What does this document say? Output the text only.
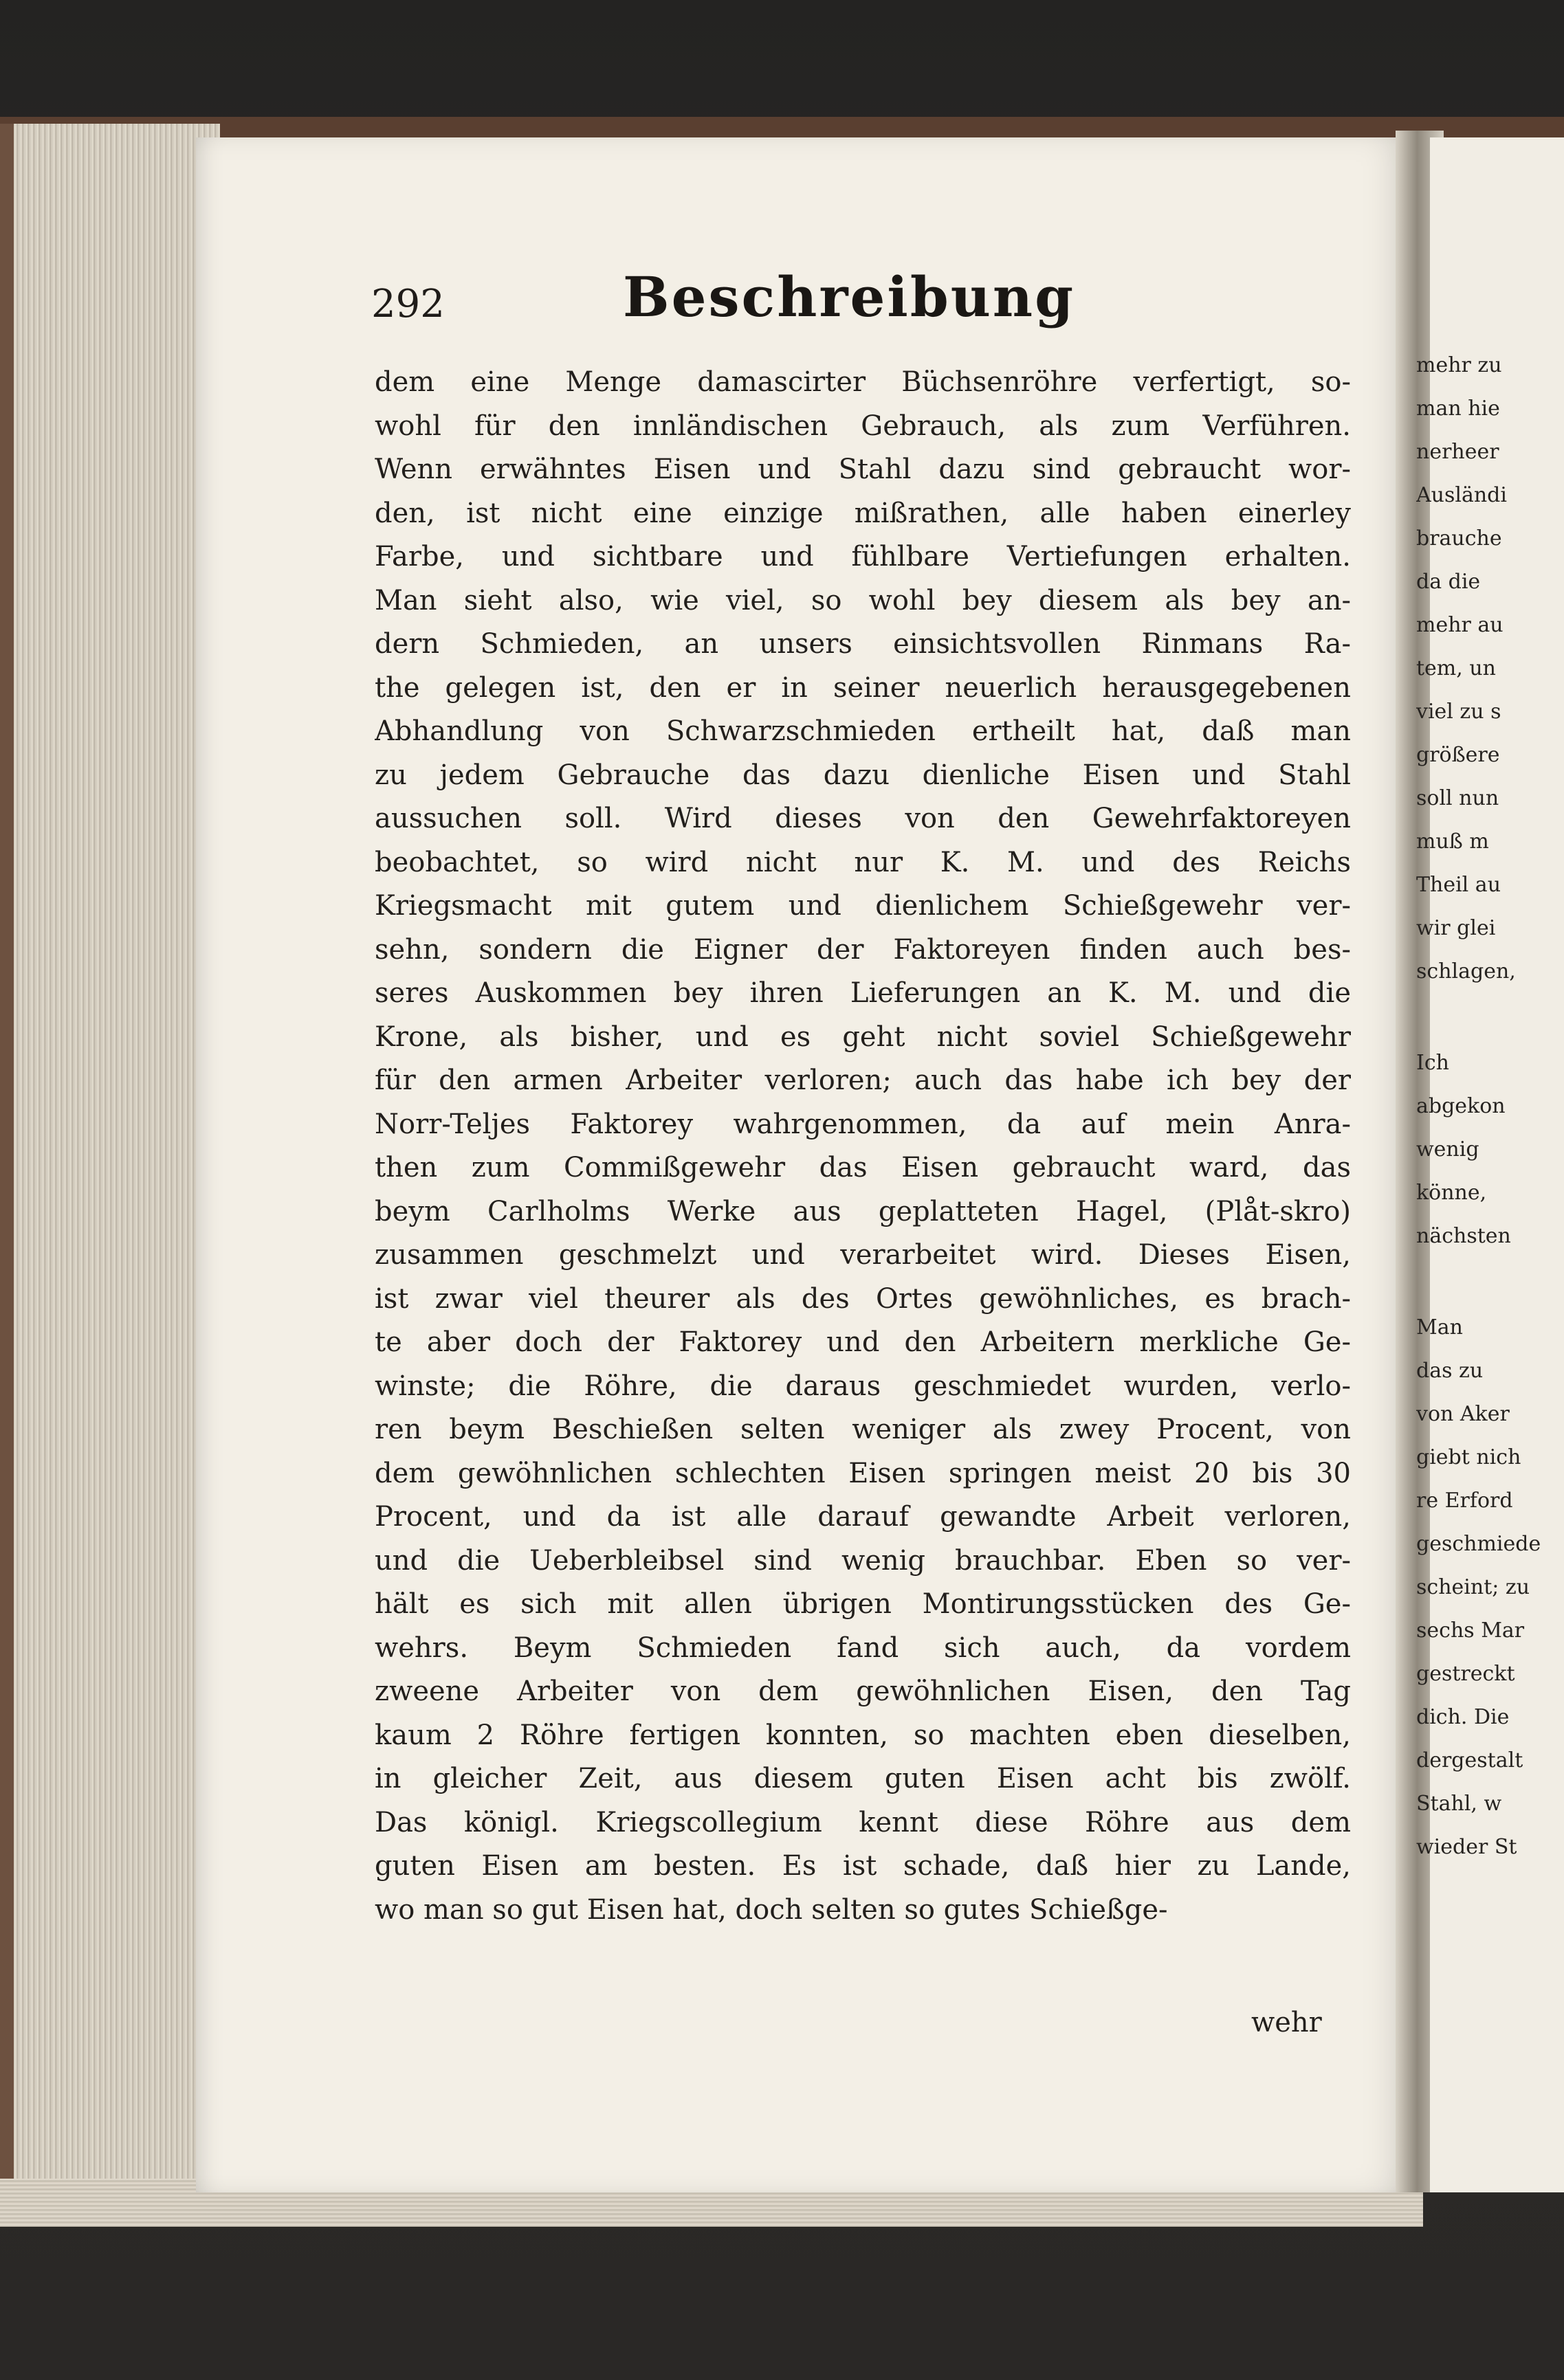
mehr zu
man hie
nerheer
Ausländi
brauche
da die
mehr au
tem, un
viel zu s
größere
soll nun
muß m
Theil au
wir glei
schlagen,
Ich
abgekon
wenig
könne,
nächsten
Man
das zu
von Aker
giebt nich
re Erford
geschmiede
scheint; zu
sechs Mar
gestreckt
dich. Die
dergestalt
Stahl, w
wieder St

292	Beschreibung
dem eine Menge damascirter Büchsenröhre verfertigt, so-
wohl für den innländischen Gebrauch, als zum Verführen.
Wenn erwähntes Eisen und Stahl dazu sind gebraucht wor-
den, ist nicht eine einzige mißrathen, alle haben einerley
Farbe, und sichtbare und fühlbare Vertiefungen erhalten.
Man sieht also, wie viel, so wohl bey diesem als bey an-
dern Schmieden, an unsers einsichtsvollen Rinmans Ra-
the gelegen ist, den er in seiner neuerlich herausgegebenen
Abhandlung von Schwarzschmieden ertheilt hat, daß man
zu jedem Gebrauche das dazu dienliche Eisen und Stahl
aussuchen soll. Wird dieses von den Gewehrfaktoreyen
beobachtet, so wird nicht nur K. M. und des Reichs
Kriegsmacht mit gutem und dienlichem Schießgewehr ver-
sehn, sondern die Eigner der Faktoreyen finden auch bes-
seres Auskommen bey ihren Lieferungen an K. M. und die
Krone, als bisher, und es geht nicht soviel Schießgewehr
für den armen Arbeiter verloren; auch das habe ich bey der
Norr-Teljes Faktorey wahrgenommen, da auf mein Anra-
then zum Commißgewehr das Eisen gebraucht ward, das
beym Carlholms Werke aus geplatteten Hagel, (Plåt-skro)
zusammen geschmelzt und verarbeitet wird. Dieses Eisen,
ist zwar viel theurer als des Ortes gewöhnliches, es brach-
te aber doch der Faktorey und den Arbeitern merkliche Ge-
winste; die Röhre, die daraus geschmiedet wurden, verlo-
ren beym Beschießen selten weniger als zwey Procent, von
dem gewöhnlichen schlechten Eisen springen meist 20 bis 30
Procent, und da ist alle darauf gewandte Arbeit verloren,
und die Ueberbleibsel sind wenig brauchbar. Eben so ver-
hält es sich mit allen übrigen Montirungsstücken des Ge-
wehrs. Beym Schmieden fand sich auch, da vordem
zweene Arbeiter von dem gewöhnlichen Eisen, den Tag
kaum 2 Röhre fertigen konnten, so machten eben dieselben,
in gleicher Zeit, aus diesem guten Eisen acht bis zwölf.
Das königl. Kriegscollegium kennt diese Röhre aus dem
guten Eisen am besten. Es ist schade, daß hier zu Lande,
wo man so gut Eisen hat, doch selten so gutes Schießge-

wehr
